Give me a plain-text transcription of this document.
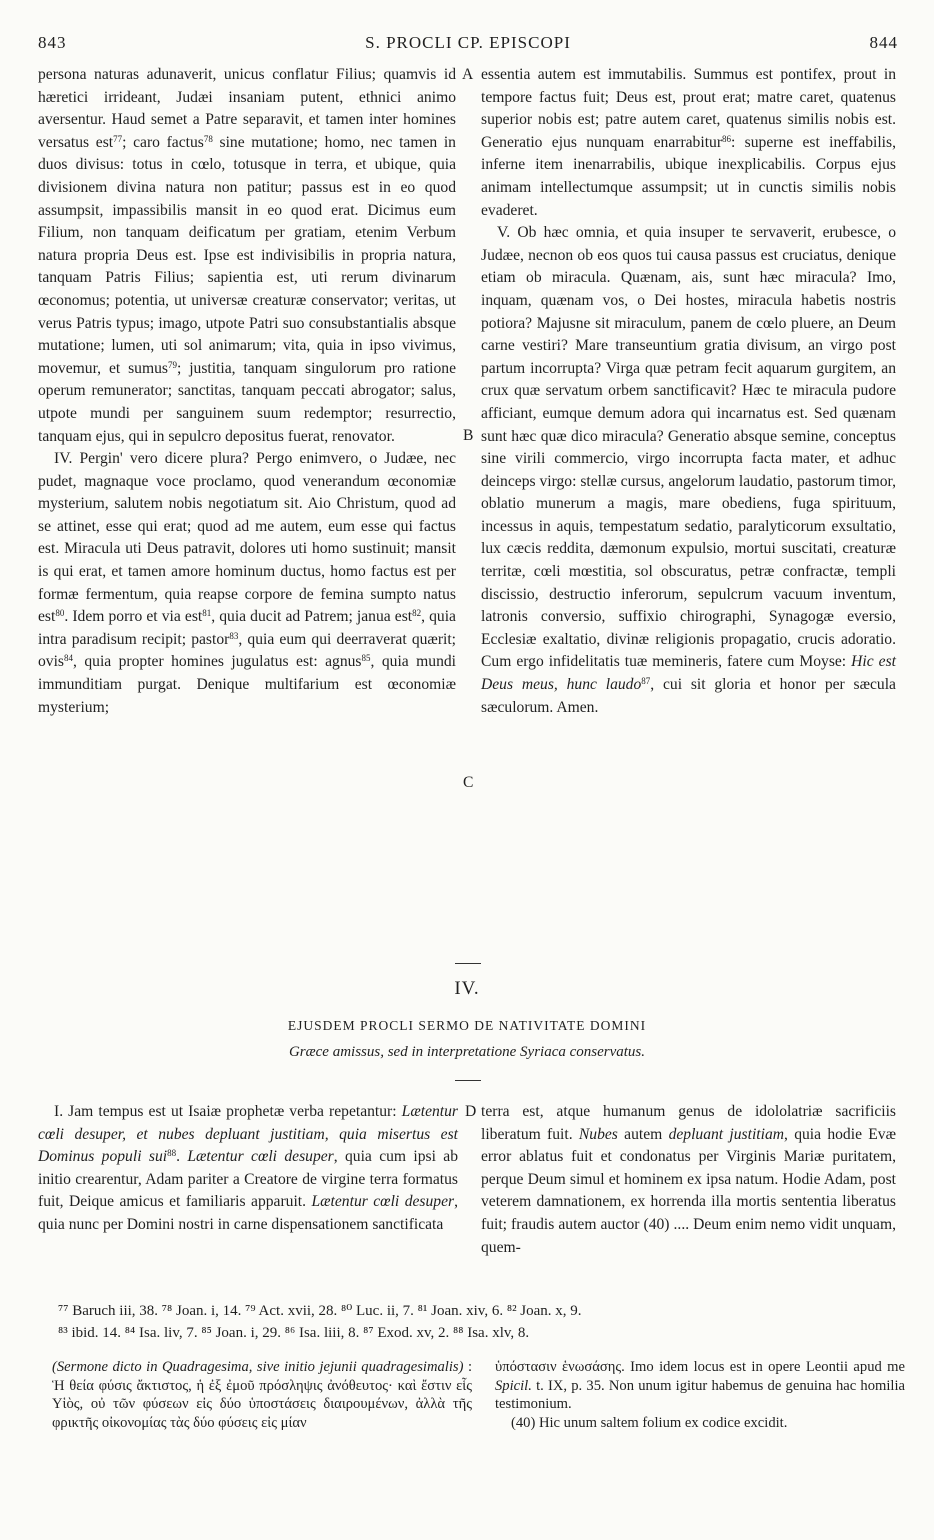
843	S. PROCLI CP. EPISCOPI	844

persona naturas adunaverit, unicus conflatur Filius; quamvis id hæretici irrideant, Judæi insaniam putent, ethnici animo aversentur. Haud semet a Patre separavit, et tamen inter homines versatus est$^{77}$; caro factus$^{78}$ sine mutatione; homo, nec tamen in duos divisus: totus in cœlo, totusque in terra, et ubique, quia divisionem divina natura non patitur; passus est in eo quod assumpsit, impassibilis mansit in eo quod erat. Dicimus eum Filium, non tanquam deificatum per gratiam, etenim Verbum natura propria Deus est. Ipse est indivisibilis in propria natura, tanquam Patris Filius; sapientia est, uti rerum divinarum œconomus; potentia, ut universæ creaturæ conservator; veritas, ut verus Patris typus; imago, utpote Patri suo consubstantialis absque mutatione; lumen, uti sol animarum; vita, quia in ipso vivimus, movemur, et sumus$^{79}$; justitia, tanquam singulorum pro ratione operum remunerator; sanctitas, tanquam peccati abrogator; salus, utpote mundi per sanguinem suum redemptor; resurrectio, tanquam ejus, qui in sepulcro depositus fuerat, renovator.

IV. Pergin' vero dicere plura? Pergo enimvero, o Judæe, nec pudet, magnaque voce proclamo, quod venerandum œconomiæ mysterium, salutem nobis negotiatum sit. Aio Christum, quod ad se attinet, esse qui erat; quod ad me autem, eum esse qui factus est. Miracula uti Deus patravit, dolores uti homo sustinuit; mansit is qui erat, et tamen amore hominum ductus, homo factus est per formæ fermentum, quia reapse corpore de femina sumpto natus est$^{80}$. Idem porro et via est$^{81}$, quia ducit ad Patrem; janua est$^{82}$, quia intra paradisum recipit; pastor$^{83}$, quia eum qui deerraverat quærit; ovis$^{84}$, quia propter homines jugulatus est: agnus$^{85}$, quia mundi immunditiam purgat. Denique multifarium est œconomiæ mysterium;

A
B
C
D

essentia autem est immutabilis. Summus est pontifex, prout in tempore factus fuit; Deus est, prout erat; matre caret, quatenus superior nobis est; patre autem caret, quatenus similis nobis est. Generatio ejus nunquam enarrabitur$^{86}$: superne est ineffabilis, inferne item inenarrabilis, ubique inexplicabilis. Corpus ejus animam intellectumque assumpsit; ut in cunctis similis nobis evaderet.

V. Ob hæc omnia, et quia insuper te servaverit, erubesce, o Judæe, necnon ob eos quos tui causa passus est cruciatus, denique etiam ob miracula. Quænam, ais, sunt hæc miracula? Imo, inquam, quænam vos, o Dei hostes, miracula habetis nostris potiora? Majusne sit miraculum, panem de cœlo pluere, an Deum carne vestiri? Mare transeuntium gratia divisum, an virgo post partum incorrupta? Virga quæ petram fecit aquarum gurgitem, an crux quæ servatum orbem sanctificavit? Hæc te miracula pudore afficiant, eumque demum adora qui incarnatus est. Sed quænam sunt hæc quæ dico miracula? Generatio absque semine, conceptus sine virili commercio, virgo incorrupta facta mater, et adhuc deinceps virgo: stellæ cursus, angelorum laudatio, pastorum timor, oblatio munerum a magis, mare obediens, fuga spirituum, incessus in aquis, tempestatum sedatio, paralyticorum exsultatio, lux cæcis reddita, dæmonum expulsio, mortui suscitati, creaturæ territæ, cœli mœstitia, sol obscuratus, petræ confractæ, templi discissio, destructio inferorum, sepulcrum vacuum inventum, latronis conversio, suffixio chirographi, Synagogæ eversio, Ecclesiæ exaltatio, divinæ religionis propagatio, crucis adoratio. Cum ergo infidelitatis tuæ memineris, fatere cum Moyse: Hic est Deus meus, hunc laudo$^{87}$, cui sit gloria et honor per sæcula sæculorum. Amen.

IV.
EJUSDEM PROCLI SERMO DE NATIVITATE DOMINI
Græce amissus, sed in interpretatione Syriaca conservatus.

I. Jam tempus est ut Isaiæ prophetæ verba repetantur: Lætentur cœli desuper, et nubes depluant justitiam, quia misertus est Dominus populi sui$^{88}$. Lætentur cœli desuper, quia cum ipsi ab initio crearentur, Adam pariter a Creatore de virgine terra formatus fuit, Deique amicus et familiaris apparuit. Lætentur cœli desuper, quia nunc per Domini nostri in carne dispensationem sanctificata

terra est, atque humanum genus de idololatriæ sacrificiis liberatum fuit. Nubes autem depluant justitiam, quia hodie Evæ error ablatus fuit et condonatus per Virginis Mariæ puritatem, perque Deum simul et hominem ex ipsa natum. Hodie Adam, post veterem damnationem, ex horrenda illa mortis sententia liberatus fuit; fraudis autem auctor (40) .... Deum enim nemo vidit unquam, quem-

⁷⁷ Baruch iii, 38. ⁷⁸ Joan. i, 14. ⁷⁹ Act. xvii, 28. ⁸⁰ Luc. ii, 7. ⁸¹ Joan. xiv, 6. ⁸² Joan. x, 9.
⁸³ ibid. 14. ⁸⁴ Isa. liv, 7. ⁸⁵ Joan. i, 29. ⁸⁶ Isa. liii, 8. ⁸⁷ Exod. xv, 2. ⁸⁸ Isa. xlv, 8.
(Sermone dicto in Quadragesima, sive initio jejunii quadragesimalis) : Ἡ θεία φύσις ἄκτιστος, ἡ ἐξ ἐμοῦ πρόσληψις ἀνόθευτος· καὶ ἔστιν εἷς Υἱὸς, οὐ τῶν φύσεων εἰς δύο ὑποστάσεις διαιρουμένων, ἀλλὰ τῆς φρικτῆς οἰκονομίας τὰς δύο φύσεις εἰς μίαν
ὑπόστασιν ἑνωσάσης. Imo idem locus est in opere Leontii apud me Spicil. t. IX, p. 35. Non unum igitur habemus de genuina hac homilia testimonium.
(40) Hic unum saltem folium ex codice excidit.
